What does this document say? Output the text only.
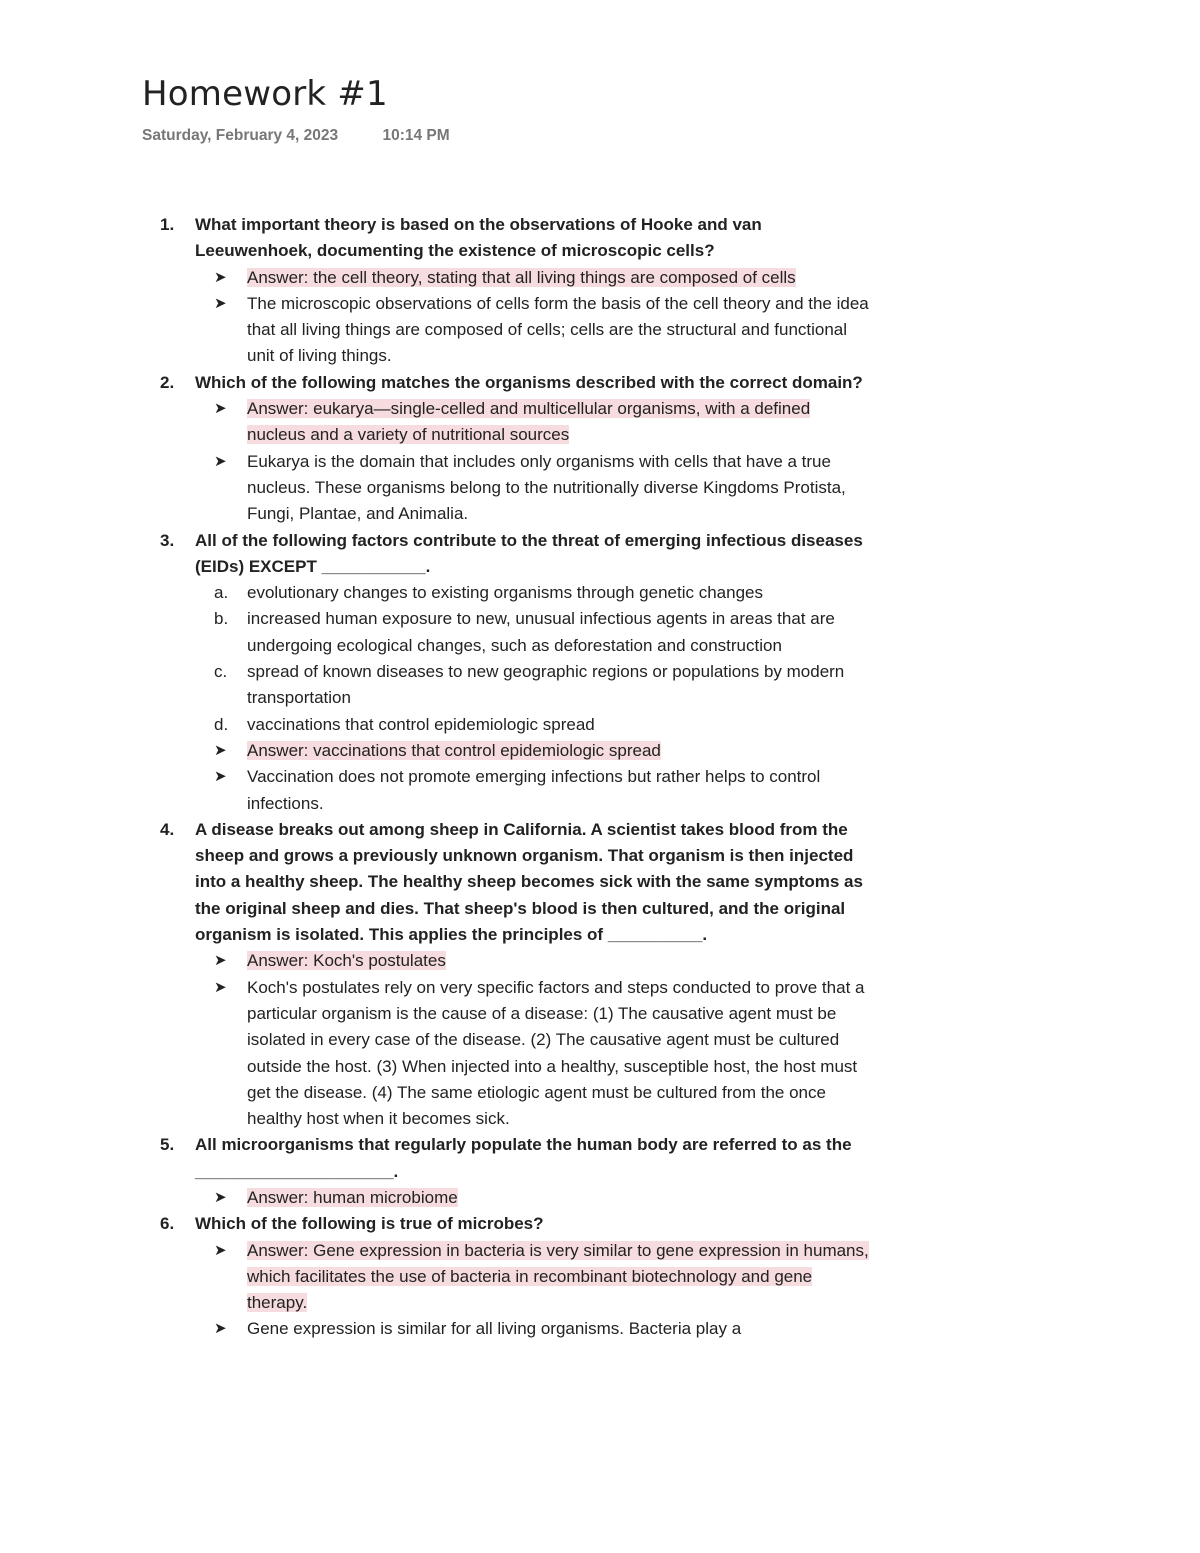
Homework #1
Saturday, February 4, 2023	10:14 PM
1.	What important theory is based on the observations of Hooke and van Leeuwenhoek, documenting the existence of microscopic cells?
➤	Answer: the cell theory, stating that all living things are composed of cells
➤	The microscopic observations of cells form the basis of the cell theory and the idea that all living things are composed of cells; cells are the structural and functional unit of living things.
2.	Which of the following matches the organisms described with the correct domain?
➤	Answer: eukarya—single-celled and multicellular organisms, with a defined nucleus and a variety of nutritional sources
➤	Eukarya is the domain that includes only organisms with cells that have a true nucleus. These organisms belong to the nutritionally diverse Kingdoms Protista, Fungi, Plantae, and Animalia.
3.	All of the following factors contribute to the threat of emerging infectious diseases (EIDs) EXCEPT ___________.
a.	evolutionary changes to existing organisms through genetic changes
b.	increased human exposure to new, unusual infectious agents in areas that are undergoing ecological changes, such as deforestation and construction
c.	spread of known diseases to new geographic regions or populations by modern transportation
d.	vaccinations that control epidemiologic spread
➤	Answer: vaccinations that control epidemiologic spread
➤	Vaccination does not promote emerging infections but rather helps to control infections.
4.	A disease breaks out among sheep in California. A scientist takes blood from the sheep and grows a previously unknown organism. That organism is then injected into a healthy sheep. The healthy sheep becomes sick with the same symptoms as the original sheep and dies. That sheep's blood is then cultured, and the original organism is isolated. This applies the principles of __________.
➤	Answer: Koch's postulates
➤	Koch's postulates rely on very specific factors and steps conducted to prove that a particular organism is the cause of a disease: (1) The causative agent must be isolated in every case of the disease. (2) The causative agent must be cultured outside the host. (3) When injected into a healthy, susceptible host, the host must get the disease. (4) The same etiologic agent must be cultured from the once healthy host when it becomes sick.
5.	All microorganisms that regularly populate the human body are referred to as the _____________________.
➤	Answer: human microbiome
6.	Which of the following is true of microbes?
➤	Answer: Gene expression in bacteria is very similar to gene expression in humans, which facilitates the use of bacteria in recombinant biotechnology and gene therapy.
➤	Gene expression is similar for all living organisms. Bacteria play a
